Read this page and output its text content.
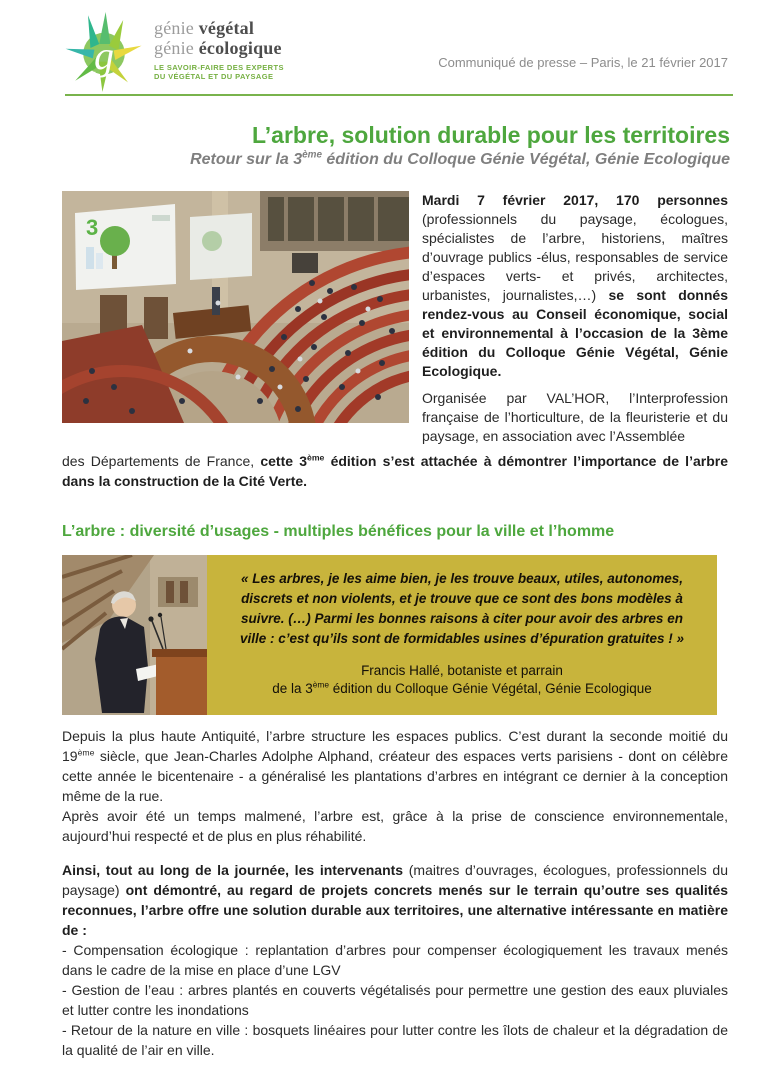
g
génie végétal
génie écologique
LE SAVOIR-FAIRE DES EXPERTS
DU VÉGÉTAL ET DU PAYSAGE
Communiqué de presse – Paris, le 21 février 2017
L’arbre, solution durable pour les territoires
Retour sur la 3ème édition du Colloque Génie Végétal, Génie Ecologique
3

Mardi 7 février 2017, 170 personnes (professionnels du paysage, écologues, spécialistes de l’arbre, historiens, maîtres d’ouvrage publics -élus, responsables de service d’espaces verts- et privés, architectes, urbanistes, journalistes,…) se sont donnés rendez-vous au Conseil économique, social et environnemental à l’occasion de la 3ème édition du Colloque Génie Végétal, Génie Ecologique.

Organisée par VAL’HOR, l’Interprofession française de l’horticulture, de la fleuristerie et du paysage, en association avec l’Assemblée

des Départements de France, cette 3ème édition s’est attachée à démontrer l’importance de l’arbre dans la construction de la Cité Verte.

L’arbre : diversité d’usages - multiples bénéfices pour la ville et l’homme
« Les arbres, je les aime bien, je les trouve beaux, utiles, autonomes, discrets et non violents, et je trouve que ce sont des bons modèles à suivre. (…) Parmi les bonnes raisons à citer pour avoir des arbres en ville : c’est qu’ils sont de formidables usines d’épuration gratuites ! »
Francis Hallé, botaniste et parrain
de la 3ème édition du Colloque Génie Végétal, Génie Ecologique

Depuis la plus haute Antiquité, l’arbre structure les espaces publics. C’est durant la seconde moitié du 19ème siècle, que Jean-Charles Adolphe Alphand, créateur des espaces verts parisiens - dont on célèbre cette année le bicentenaire - a généralisé les plantations d’arbres en intégrant ce dernier à la conception même de la rue.

Après avoir été un temps malmené, l’arbre est, grâce à la prise de conscience environnementale, aujourd’hui respecté et de plus en plus réhabilité.

Ainsi, tout au long de la journée, les intervenants (maitres d’ouvrages, écologues, professionnels du paysage) ont démontré, au regard de projets concrets menés sur le terrain qu’outre ses qualités reconnues, l’arbre offre une solution durable aux territoires, une alternative intéressante en matière de :

- Compensation écologique : replantation d’arbres pour compenser écologiquement les travaux menés dans le cadre de la mise en place d’une LGV

- Gestion de l’eau : arbres plantés en couverts végétalisés pour permettre une gestion des eaux pluviales et lutter contre les inondations

- Retour de la nature en ville : bosquets linéaires pour lutter contre les îlots de chaleur et la dégradation de la qualité de l’air en ville.
